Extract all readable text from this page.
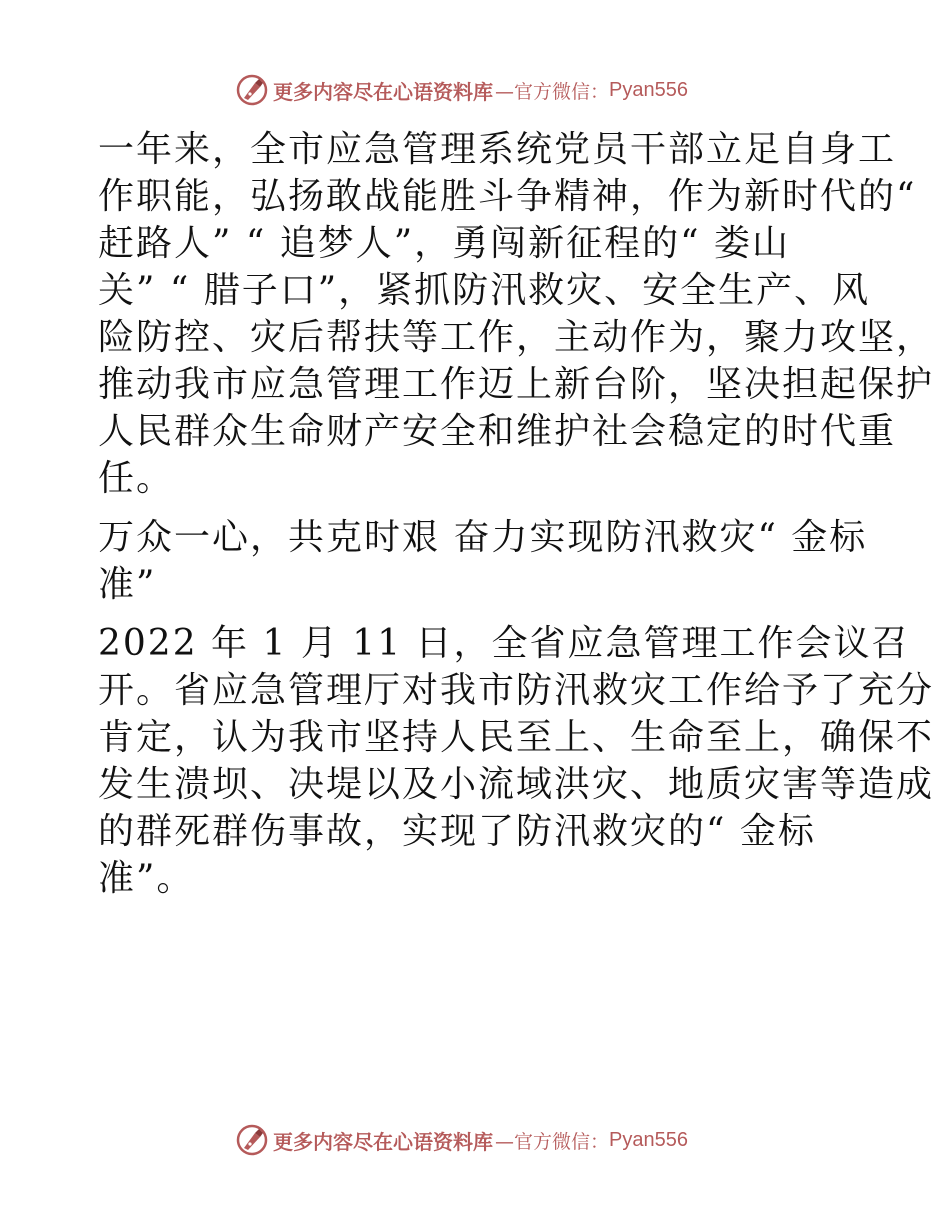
更多内容尽在心语资料库 —官方微信： Pyan556

一年来，全市应急管理系统党员干部立足自身工
作职能，弘扬敢战能胜斗争精神，作为新时代的“
赶路人” “ 追梦人”，勇闯新征程的“ 娄山
关” “ 腊子口”，紧抓防汛救灾、安全生产、风
险防控、灾后帮扶等工作，主动作为，聚力攻坚，
推动我市应急管理工作迈上新台阶，坚决担起保护
人民群众生命财产安全和维护社会稳定的时代重
任。

万众一心，共克时艰 奋力实现防汛救灾“ 金标
准”

2022 年 1 月 11 日，全省应急管理工作会议召
开。省应急管理厅对我市防汛救灾工作给予了充分
肯定，认为我市坚持人民至上、生命至上，确保不
发生溃坝、决堤以及小流域洪灾、地质灾害等造成
的群死群伤事故，实现了防汛救灾的“ 金标
准”。

更多内容尽在心语资料库 —官方微信： Pyan556
